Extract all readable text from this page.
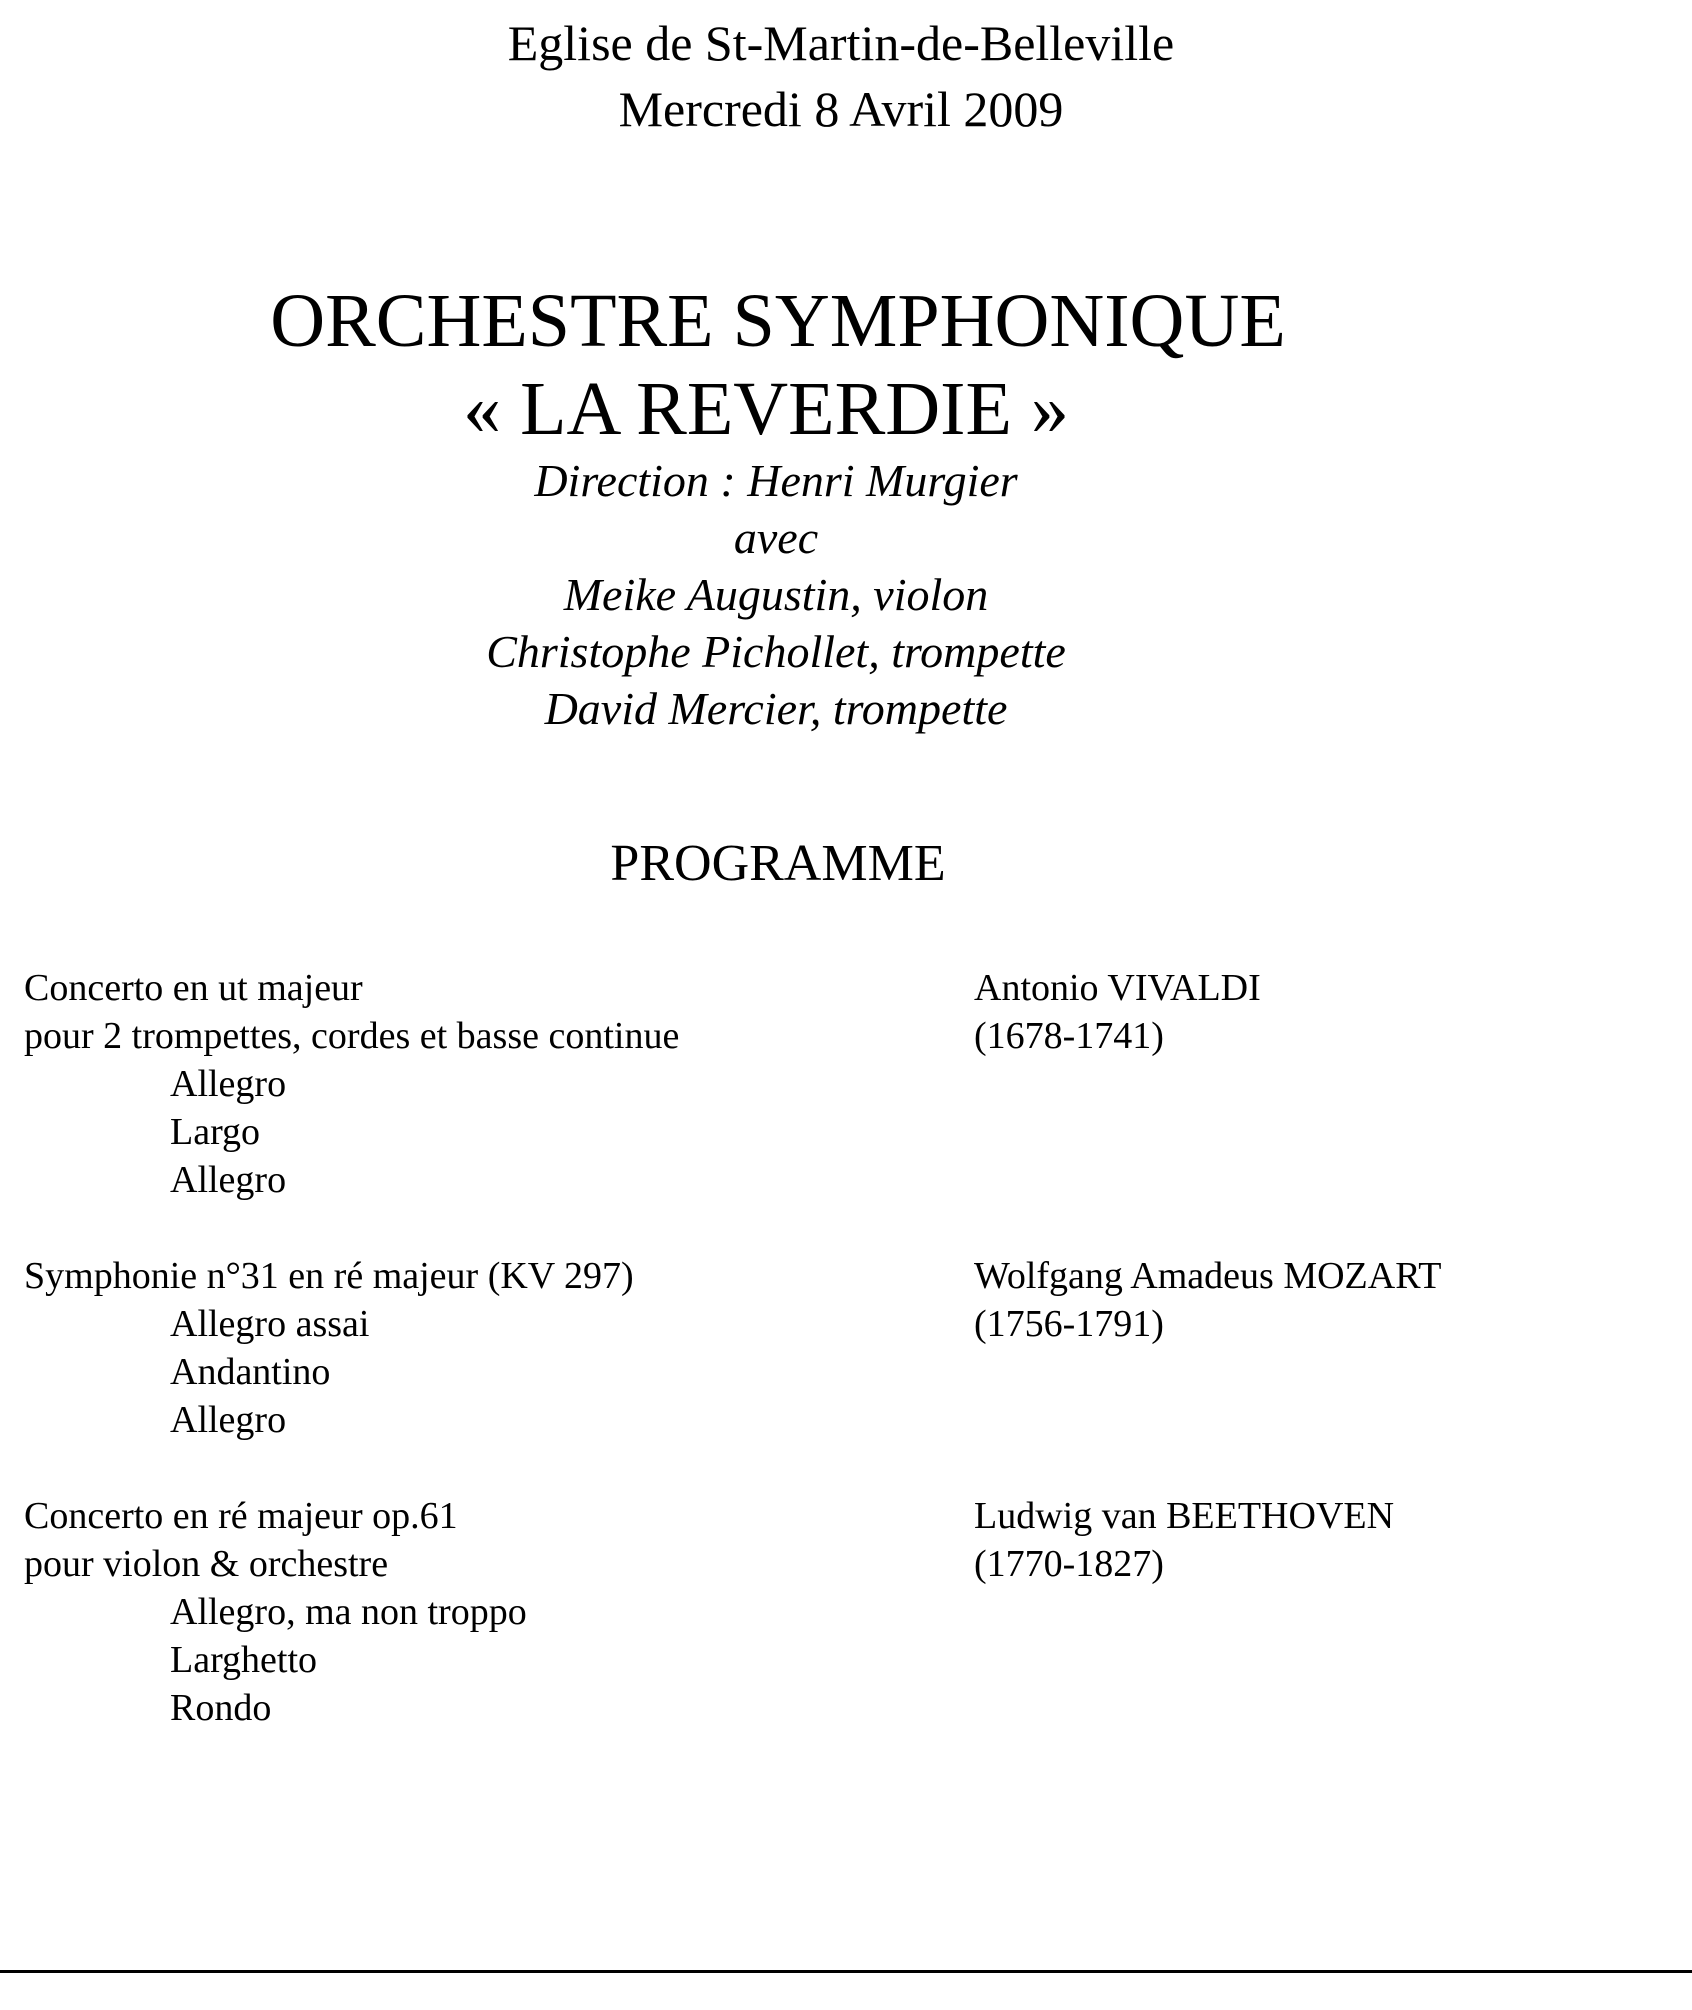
Eglise de St-Martin-de-Belleville
Mercredi 8 Avril 2009
ORCHESTRE SYMPHONIQUE
« LA REVERDIE »
Direction : Henri Murgier
avec
Meike Augustin, violon
Christophe Pichollet, trompette
David Mercier, trompette
PROGRAMME
Concerto en ut majeur
pour 2 trompettes, cordes et basse continue
Allegro
Largo
Allegro
Antonio VIVALDI
(1678-1741)
Symphonie n°31 en ré majeur (KV 297)
Allegro assai
Andantino
Allegro
Wolfgang Amadeus MOZART
(1756-1791)
Concerto en ré majeur op.61
pour violon & orchestre
Allegro, ma non troppo
Larghetto
Rondo
Ludwig van BEETHOVEN
(1770-1827)
